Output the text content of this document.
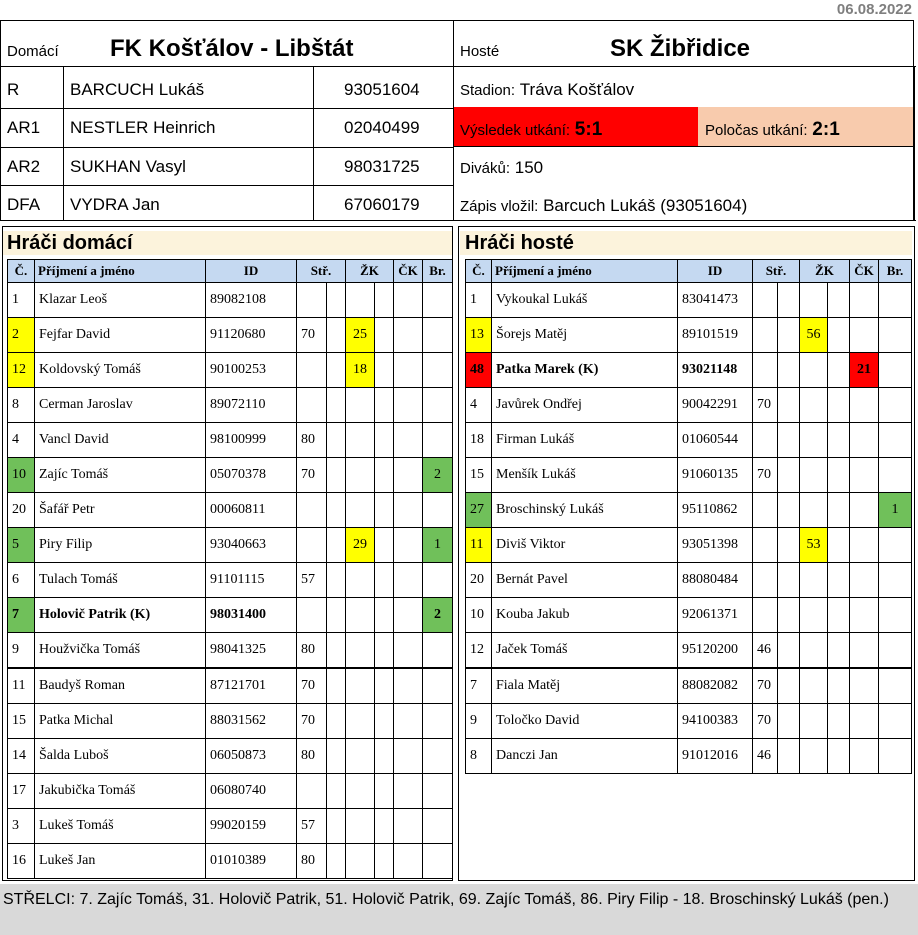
06.08.2022
Domácí FK Košťálov - Libštát	Hosté	SK Žibřidice
R	BARCUCH Lukáš	93051604
AR1 NESTLER Heinrich	02040499
AR2 SUKHAN Vasyl	98031725
DFA VYDRA Jan	67060179
Stadion:
Tráva Košťálov
Výsledek utkání:
5:1	Poločas utkání:
2:1
Diváků:
150
Zápis vložil:
Barcuch Lukáš (93051604)
Hráči domácí	Hráči hosté
Č.	Příjmení a jméno	ID	Stř.		ŽK		ČK	Br.
1	Klazar Leoš	89082108						
2	Fejfar David	91120680	70		25			
12	Koldovský Tomáš	90100253			18			
8	Cerman Jaroslav	89072110						
4	Vancl David	98100999	80					
10	Zajíc Tomáš	05070378	70					2
20	Šafář Petr	00060811						
5	Piry Filip	93040663			29			1
6	Tulach Tomáš	91101115	57					
7	Holovič Patrik (K)	98031400						2
9	Houžvička Tomáš	98041325	80					
11	Baudyš Roman	87121701	70					
15	Patka Michal	88031562	70					
14	Šalda Luboš	06050873	80					
17	Jakubička Tomáš	06080740						
3	Lukeš Tomáš	99020159	57					
16	Lukeš Jan	01010389	80					
Č.	Příjmení a jméno	ID	Stř.		ŽK		ČK	Br.
1	Vykoukal Lukáš	83041473						
13	Šorejs Matěj	89101519			56			
48	Patka Marek (K)	93021148					21	
4	Javůrek Ondřej	90042291	70					
18	Firman Lukáš	01060544						
15	Menšík Lukáš	91060135	70					
27	Broschinský Lukáš	95110862						1
11	Diviš Viktor	93051398			53			
20	Bernát Pavel	88080484						
10	Kouba Jakub	92061371						
12	Jaček Tomáš	95120200	46					
7	Fiala Matěj	88082082	70					
9	Toločko David	94100383	70					
8	Danczi Jan	91012016	46					
STŘELCI: 7. Zajíc Tomáš, 31. Holovič Patrik, 51. Holovič Patrik, 69. Zajíc Tomáš, 86. Piry Filip - 18. Broschinský Lukáš (pen.)
